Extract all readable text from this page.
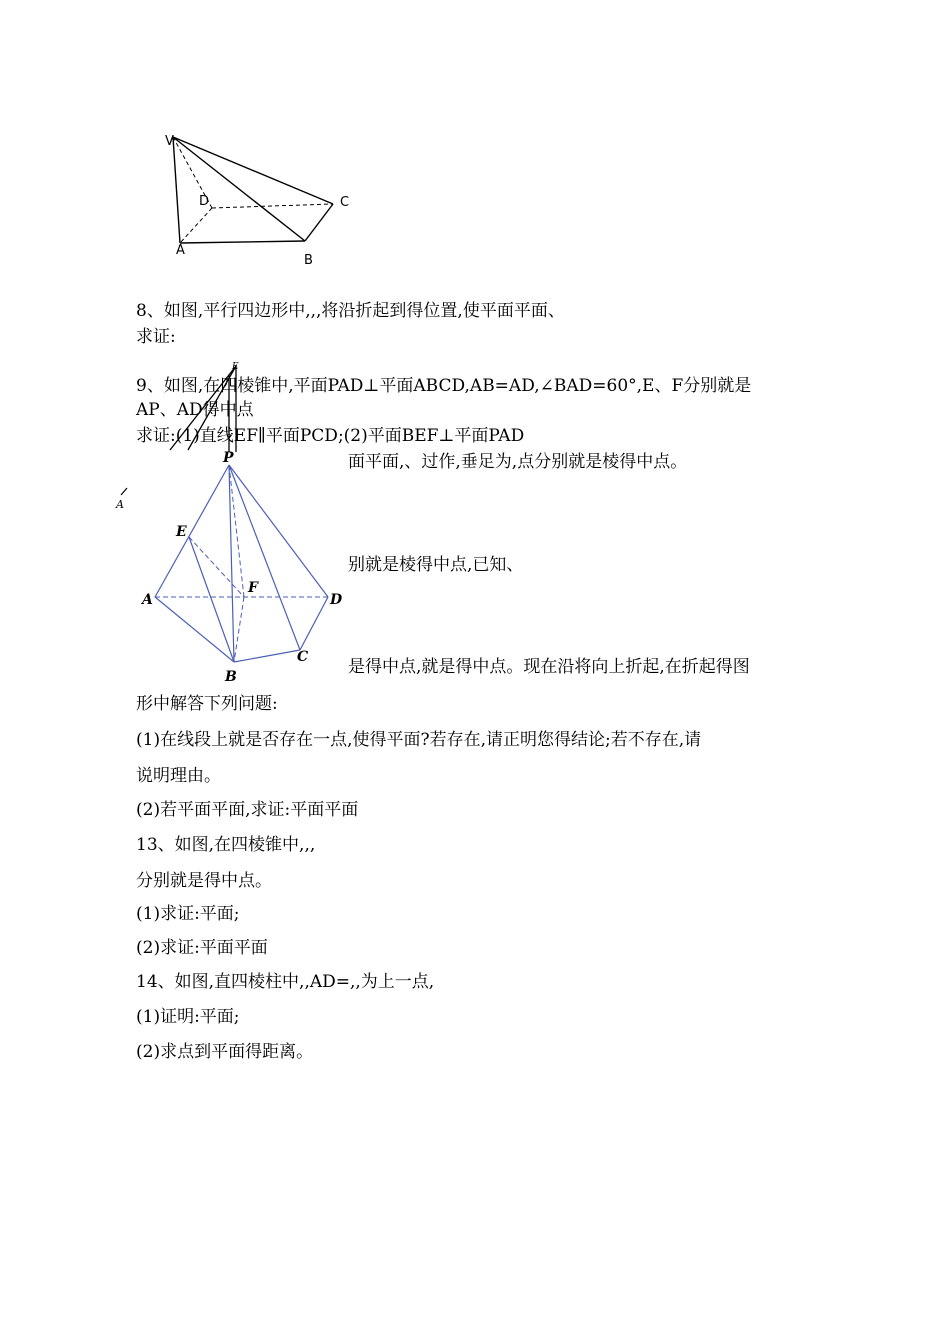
V
D	C
A
B
E
A
P
E
F
A	D
B
C
8、如图,平行四边形中,,,将沿折起到得位置,使平面平面、
求证:
9、如图,在四棱锥中,平面PAD⊥平面ABCD,AB=AD,∠BAD=60°,E、F分别就是
AP、AD得中点
求证:(1)直线EF∥平面PCD;(2)平面BEF⊥平面PAD
面平面,、过作,垂足为,点分别就是棱得中点。
别就是棱得中点,已知、
是得中点,就是得中点。现在沿将向上折起,在折起得图
形中解答下列问题:
(1)在线段上就是否存在一点,使得平面?若存在,请正明您得结论;若不存在,请
说明理由。
(2)若平面平面,求证:平面平面
13、如图,在四棱锥中,,,
分别就是得中点。
(1)求证:平面;
(2)求证:平面平面
14、如图,直四棱柱中,,AD=,,为上一点,
(1)证明:平面;
(2)求点到平面得距离。
